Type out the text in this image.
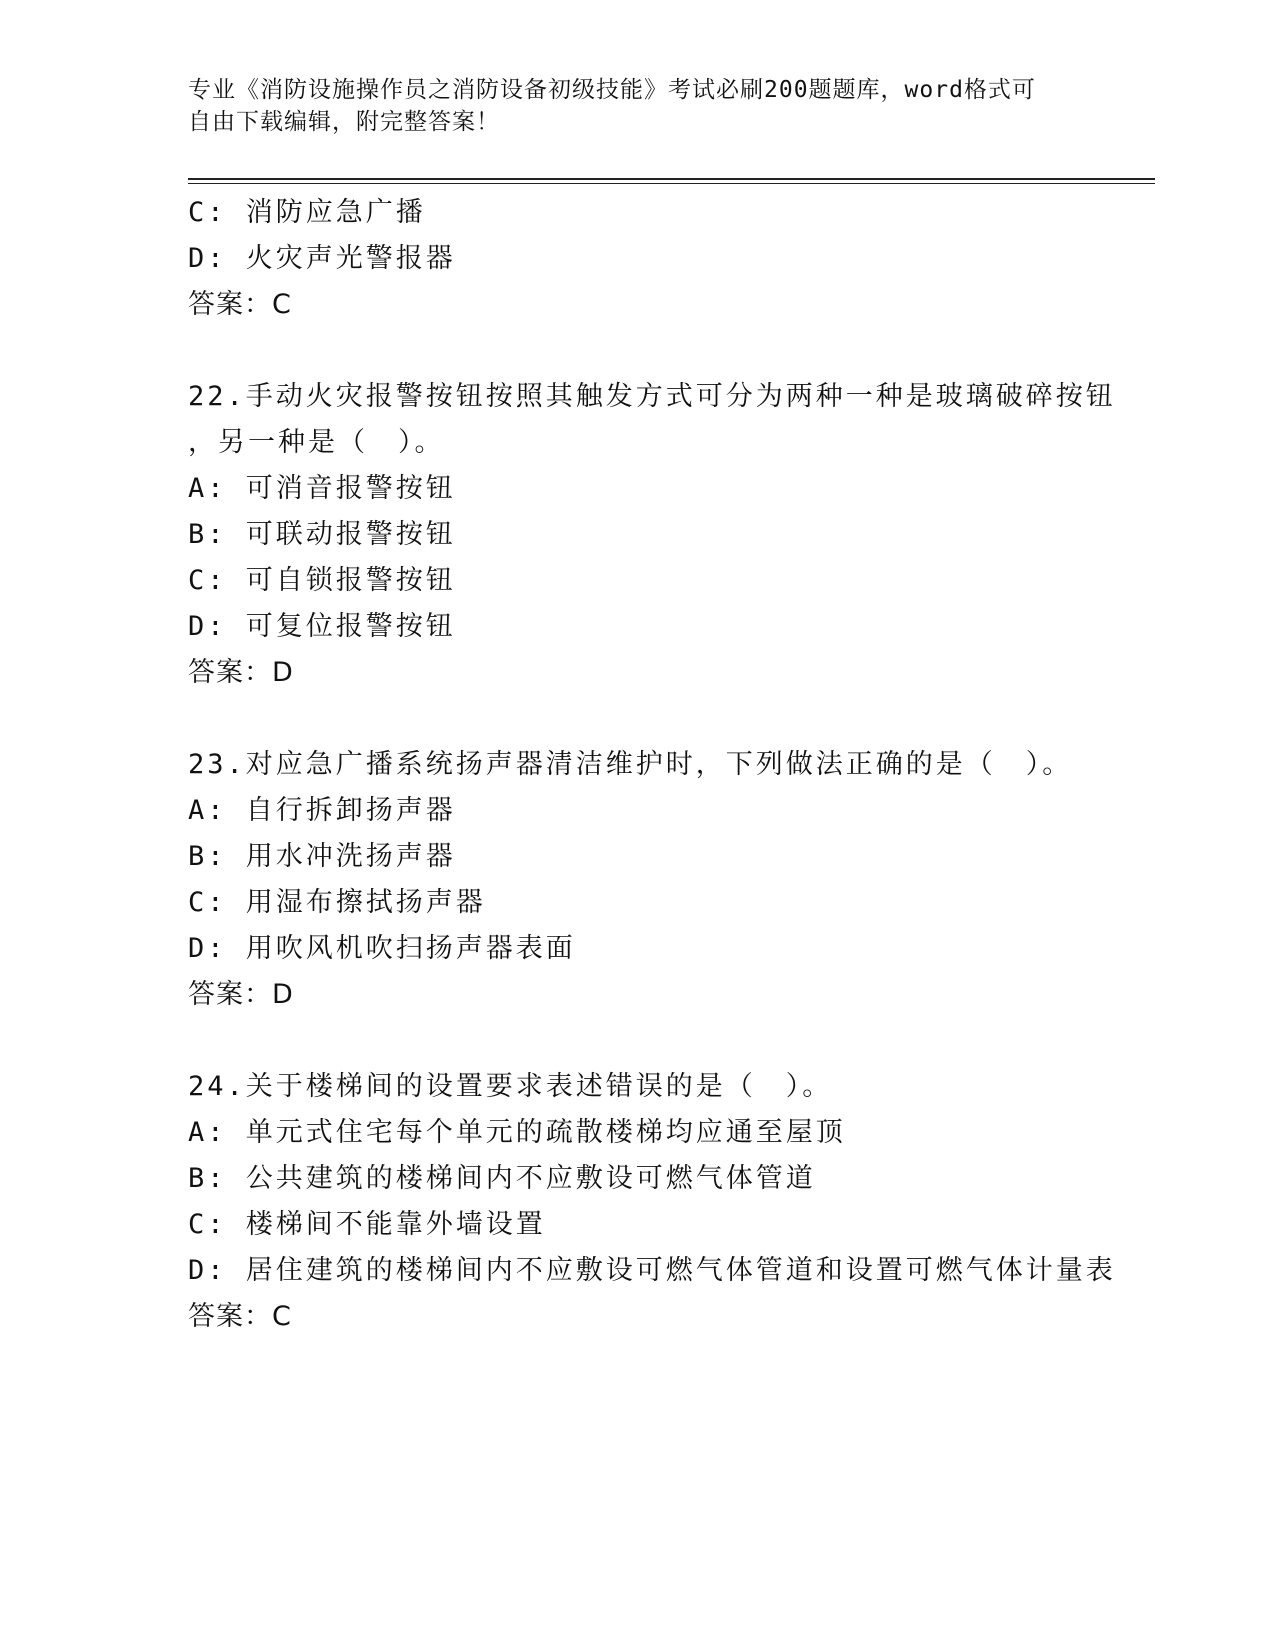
专业《消防设施操作员之消防设备初级技能》考试必刷200题题库，word格式可
自由下载编辑，附完整答案！
C: 消防应急广播
D: 火灾声光警报器
答案：C
22.手动火灾报警按钮按照其触发方式可分为两种一种是玻璃破碎按钮
，另一种是（　）。
A: 可消音报警按钮
B: 可联动报警按钮
C: 可自锁报警按钮
D: 可复位报警按钮
答案：D
23.对应急广播系统扬声器清洁维护时，下列做法正确的是（　）。
A: 自行拆卸扬声器
B: 用水冲洗扬声器
C: 用湿布擦拭扬声器
D: 用吹风机吹扫扬声器表面
答案：D
24.关于楼梯间的设置要求表述错误的是（　）。
A: 单元式住宅每个单元的疏散楼梯均应通至屋顶
B: 公共建筑的楼梯间内不应敷设可燃气体管道
C: 楼梯间不能靠外墙设置
D: 居住建筑的楼梯间内不应敷设可燃气体管道和设置可燃气体计量表
答案：C
